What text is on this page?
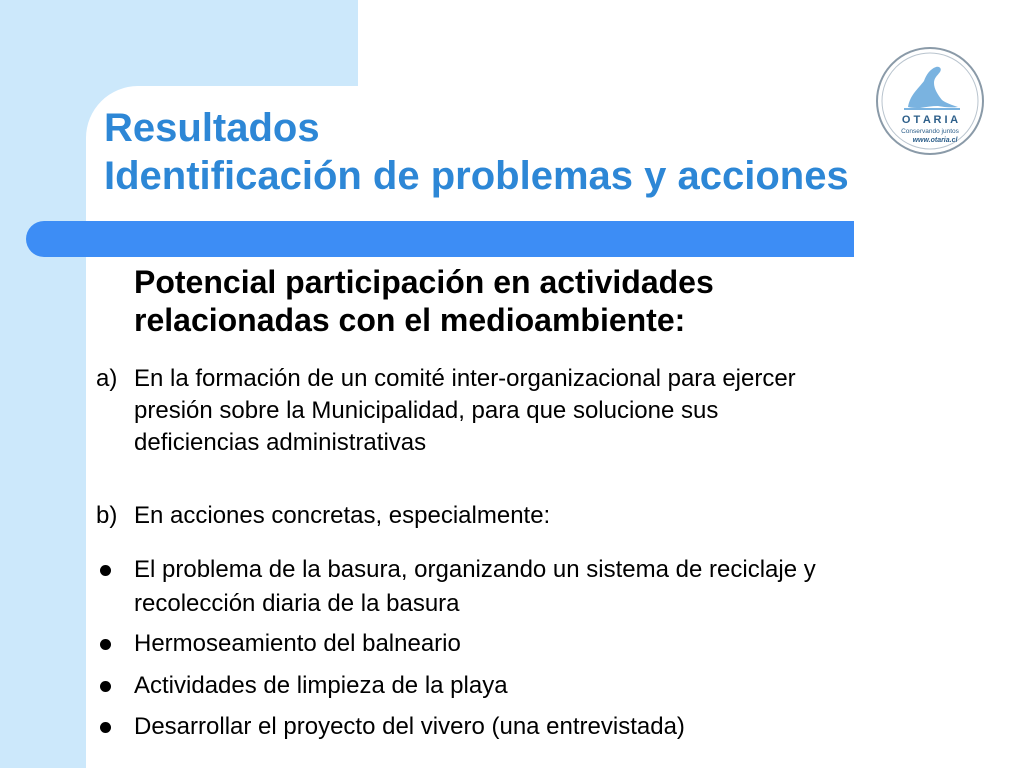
O T A R I A
Conservando juntos
www.otaria.cl
Resultados
Identificación de problemas y acciones
Potencial participación en actividades
relacionadas con el medioambiente:
a) En la formación de un comité inter-organizacional para ejercer
presión sobre la Municipalidad, para que solucione sus
deficiencias administrativas
b) En acciones concretas, especialmente:
El problema de la basura, organizando un sistema de reciclaje y
recolección diaria de la basura
Hermoseamiento del balneario
Actividades de limpieza de la playa
Desarrollar el proyecto del vivero (una entrevistada)
